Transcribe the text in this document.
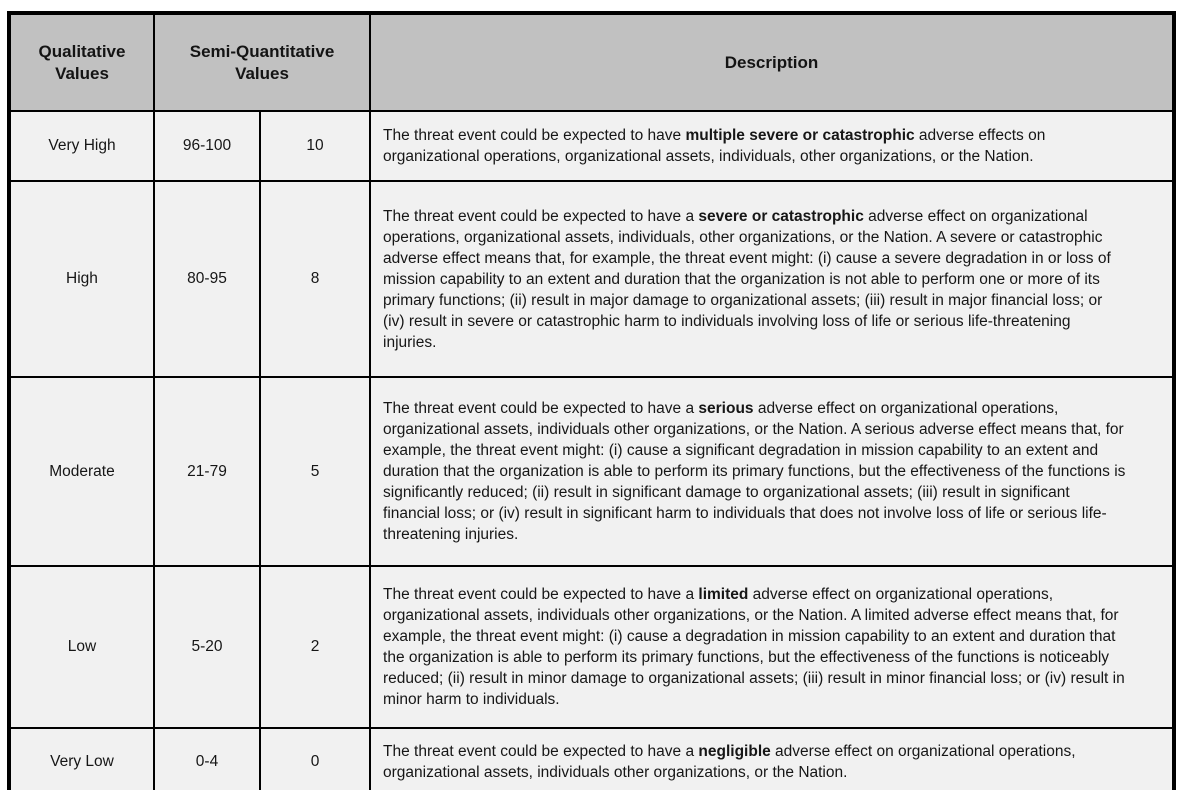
Qualitative Values	Semi-Quantitative Values		Description
Very High	96-100	10	The threat event could be expected to have multiple severe or catastrophic adverse effects on organizational operations, organizational assets, individuals, other organizations, or the Nation.
High	80-95	8	The threat event could be expected to have a severe or catastrophic adverse effect on organizational operations, organizational assets, individuals, other organizations, or the Nation. A severe or catastrophic adverse effect means that, for example, the threat event might: (i) cause a severe degradation in or loss of mission capability to an extent and duration that the organization is not able to perform one or more of its primary functions; (ii) result in major damage to organizational assets; (iii) result in major financial loss; or (iv) result in severe or catastrophic harm to individuals involving loss of life or serious life-threatening injuries.
Moderate	21-79	5	The threat event could be expected to have a serious adverse effect on organizational operations, organizational assets, individuals other organizations, or the Nation. A serious adverse effect means that, for example, the threat event might: (i) cause a significant degradation in mission capability to an extent and duration that the organization is able to perform its primary functions, but the effectiveness of the functions is significantly reduced; (ii) result in significant damage to organizational assets; (iii) result in significant financial loss; or (iv) result in significant harm to individuals that does not involve loss of life or serious life-threatening injuries.
Low	5-20	2	The threat event could be expected to have a limited adverse effect on organizational operations, organizational assets, individuals other organizations, or the Nation. A limited adverse effect means that, for example, the threat event might: (i) cause a degradation in mission capability to an extent and duration that the organization is able to perform its primary functions, but the effectiveness of the functions is noticeably reduced; (ii) result in minor damage to organizational assets; (iii) result in minor financial loss; or (iv) result in minor harm to individuals.
Very Low	0-4	0	The threat event could be expected to have a negligible adverse effect on organizational operations, organizational assets, individuals other organizations, or the Nation.
